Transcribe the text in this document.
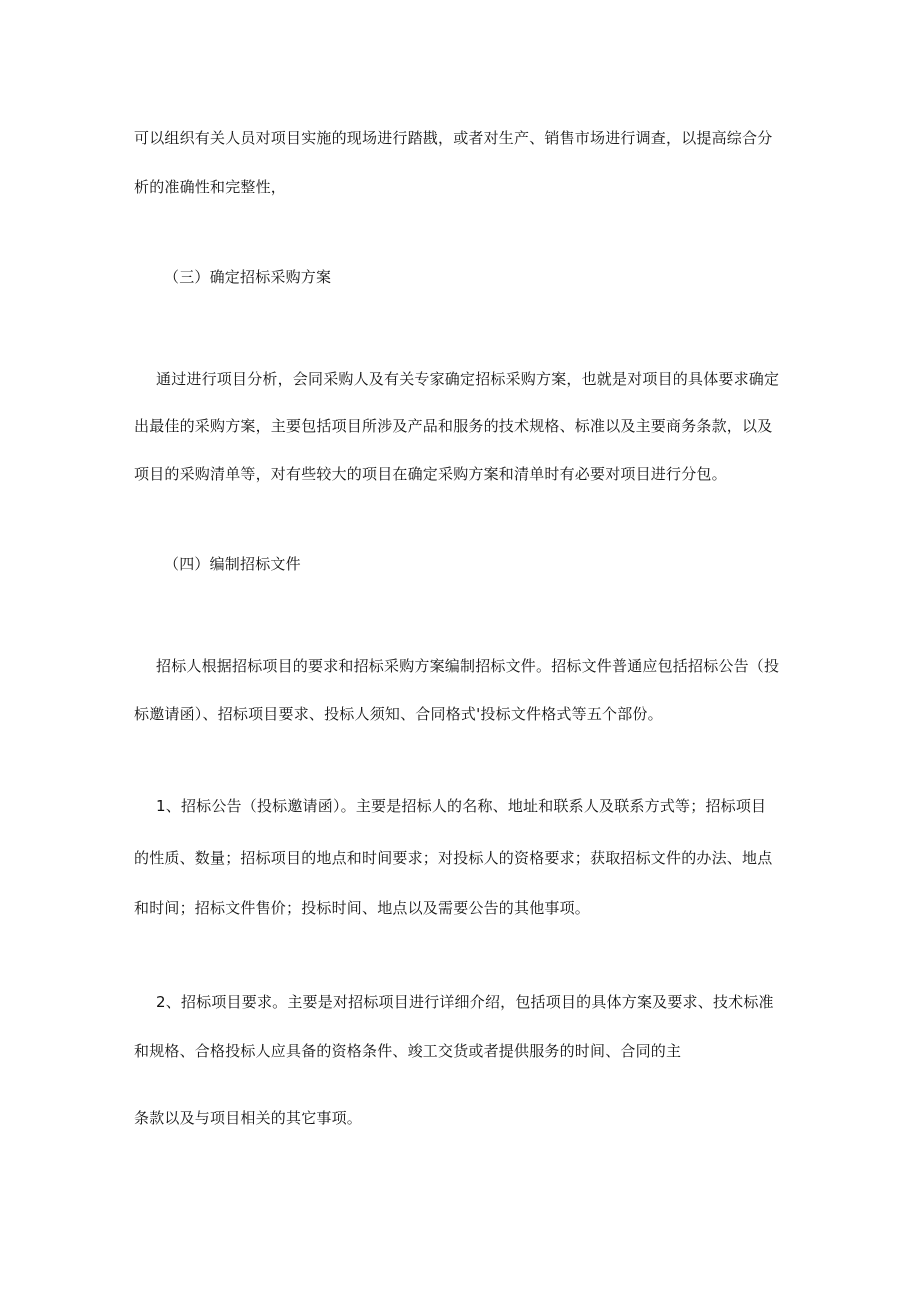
可以组织有关人员对项目实施的现场进行踏戡，或者对生产、销售市场进行调查，以提高综合分
析的准确性和完整性，
（三）确定招标采购方案
通过进行项目分析，会同采购人及有关专家确定招标采购方案，也就是对项目的具体要求确定
出最佳的采购方案，主要包括项目所涉及产品和服务的技术规格、标准以及主要商务条款，以及
项目的采购清单等，对有些较大的项目在确定采购方案和清单时有必要对项目进行分包。
（四）编制招标文件
招标人根据招标项目的要求和招标采购方案编制招标文件。招标文件普通应包括招标公告（投
标邀请函）、招标项目要求、投标人须知、合同格式'投标文件格式等五个部份。
1、招标公告（投标邀请函）。主要是招标人的名称、地址和联系人及联系方式等；招标项目
的性质、数量；招标项目的地点和时间要求；对投标人的资格要求；获取招标文件的办法、地点
和时间；招标文件售价；投标时间、地点以及需要公告的其他事项。
2、招标项目要求。主要是对招标项目进行详细介绍，包括项目的具体方案及要求、技术标准
和规格、合格投标人应具备的资格条件、竣工交货或者提供服务的时间、合同的主
条款以及与项目相关的其它事项。
